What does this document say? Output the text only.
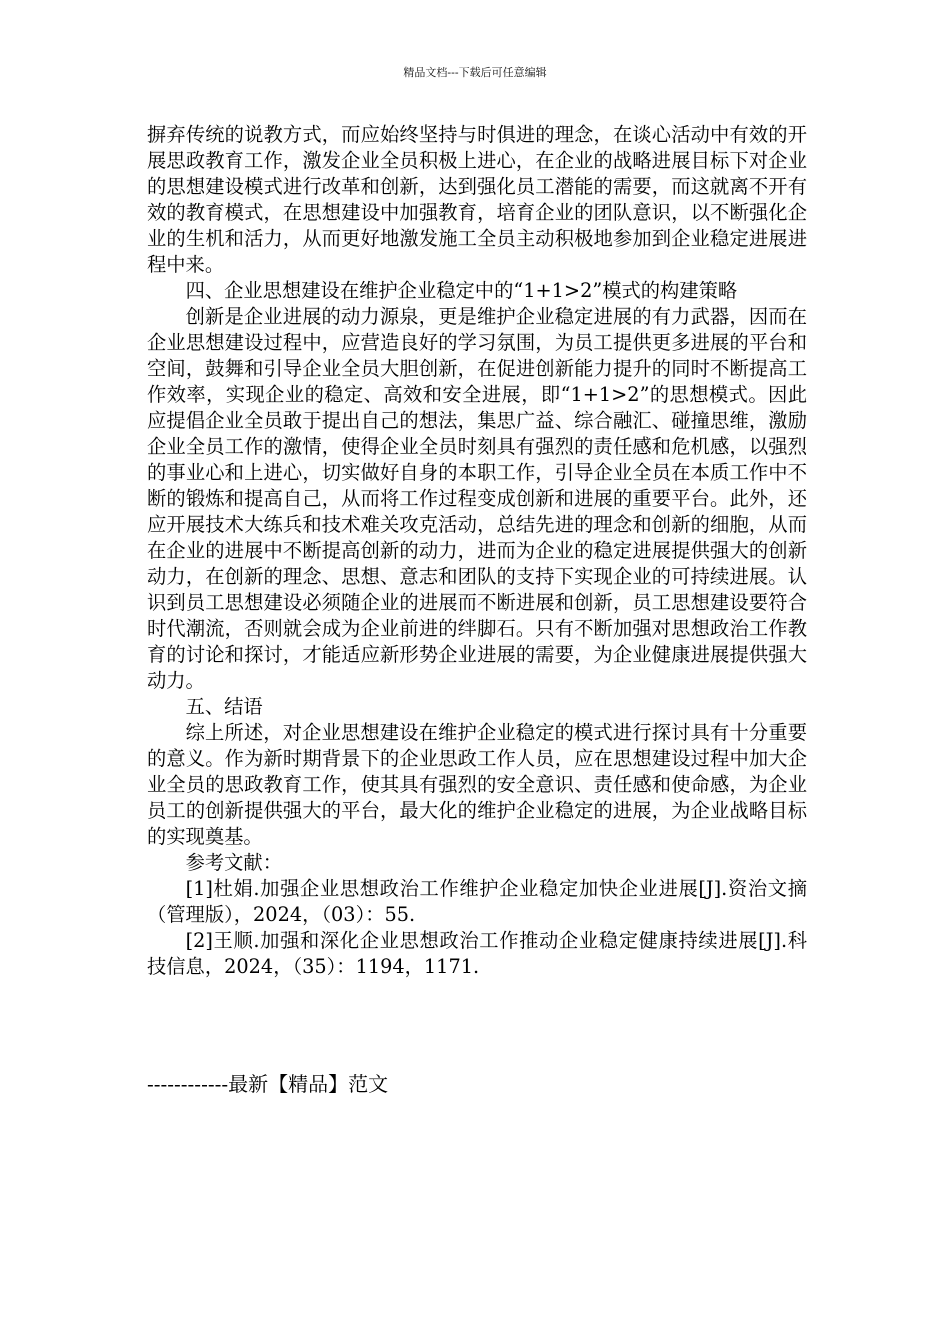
精品文档---下载后可任意编辑

摒弃传统的说教方式，而应始终坚持与时俱进的理念，在谈心活动中有效的开展思政教育工作，激发企业全员积极上进心，在企业的战略进展目标下对企业的思想建设模式进行改革和创新，达到强化员工潜能的需要，而这就离不开有效的教育模式，在思想建设中加强教育，培育企业的团队意识，以不断强化企业的生机和活力，从而更好地激发施工全员主动积极地参加到企业稳定进展进程中来。

四、企业思想建设在维护企业稳定中的“1+1>2”模式的构建策略

创新是企业进展的动力源泉，更是维护企业稳定进展的有力武器，因而在企业思想建设过程中，应营造良好的学习氛围，为员工提供更多进展的平台和空间，鼓舞和引导企业全员大胆创新，在促进创新能力提升的同时不断提高工作效率，实现企业的稳定、高效和安全进展，即“1+1>2”的思想模式。因此应提倡企业全员敢于提出自己的想法，集思广益、综合融汇、碰撞思维，激励企业全员工作的激情，使得企业全员时刻具有强烈的责任感和危机感，以强烈的事业心和上进心，切实做好自身的本职工作，引导企业全员在本质工作中不断的锻炼和提高自己，从而将工作过程变成创新和进展的重要平台。此外，还应开展技术大练兵和技术难关攻克活动，总结先进的理念和创新的细胞，从而在企业的进展中不断提高创新的动力，进而为企业的稳定进展提供强大的创新动力，在创新的理念、思想、意志和团队的支持下实现企业的可持续进展。认识到员工思想建设必须随企业的进展而不断进展和创新，员工思想建设要符合时代潮流，否则就会成为企业前进的绊脚石。只有不断加强对思想政治工作教育的讨论和探讨，才能适应新形势企业进展的需要，为企业健康进展提供强大动力。

五、结语

综上所述，对企业思想建设在维护企业稳定的模式进行探讨具有十分重要的意义。作为新时期背景下的企业思政工作人员，应在思想建设过程中加大企业全员的思政教育工作，使其具有强烈的安全意识、责任感和使命感，为企业员工的创新提供强大的平台，最大化的维护企业稳定的进展，为企业战略目标的实现奠基。

参考文献：

[1]杜娟.加强企业思想政治工作维护企业稳定加快企业进展[J].资治文摘（管理版），2024，（03）：55.

[2]王顺.加强和深化企业思想政治工作推动企业稳定健康持续进展[J].科技信息，2024，（35）：1194，1171.

------------最新【精品】范文
